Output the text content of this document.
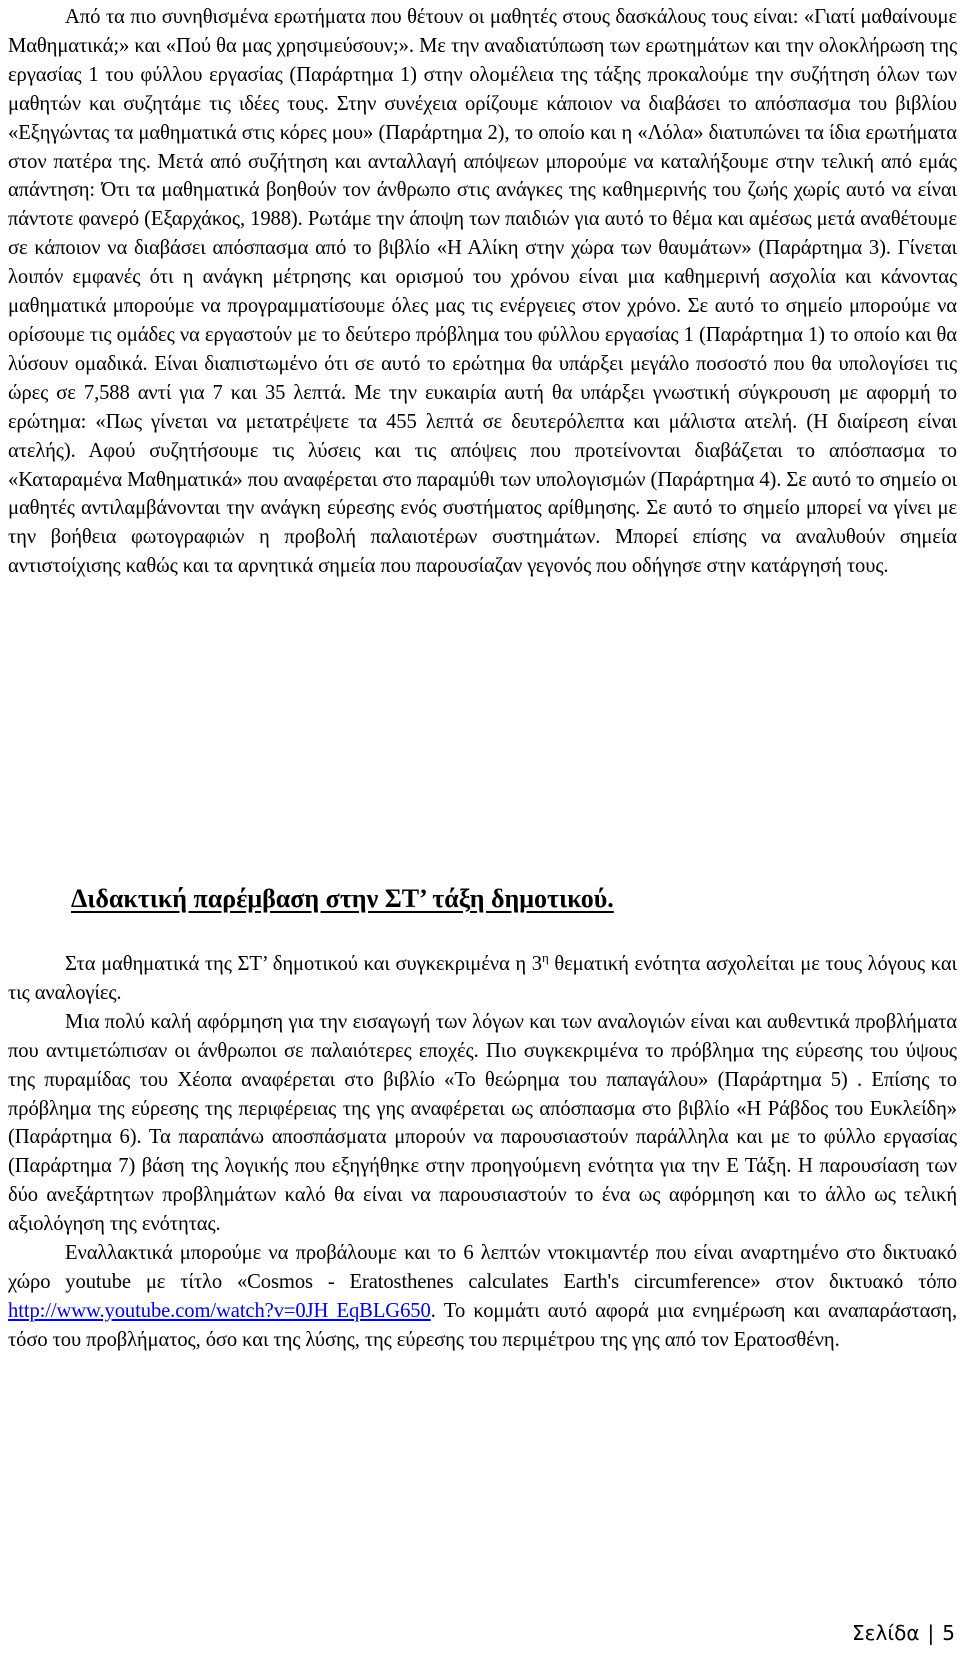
Από τα πιο συνηθισμένα ερωτήματα που θέτουν οι μαθητές στους δασκάλους τους είναι: «Γιατί μαθαίνουμε Μαθηματικά;» και «Πού θα μας χρησιμεύσουν;». Με την αναδιατύπωση των ερωτημάτων και την ολοκλήρωση της εργασίας 1 του φύλλου εργασίας (Παράρτημα 1) στην ολομέλεια της τάξης προκαλούμε την συζήτηση όλων των μαθητών και συζητάμε τις ιδέες τους. Στην συνέχεια ορίζουμε κάποιον να διαβάσει το απόσπασμα του βιβλίου «Εξηγώντας τα μαθηματικά στις κόρες μου» (Παράρτημα 2), το οποίο και η «Λόλα» διατυπώνει τα ίδια ερωτήματα στον πατέρα της. Μετά από συζήτηση και ανταλλαγή απόψεων μπορούμε να καταλήξουμε στην τελική από εμάς απάντηση: Ότι τα μαθηματικά βοηθούν τον άνθρωπο στις ανάγκες της καθημερινής του ζωής χωρίς αυτό να είναι πάντοτε φανερό (Εξαρχάκος, 1988). Ρωτάμε την άποψη των παιδιών για αυτό το θέμα και αμέσως μετά αναθέτουμε σε κάποιον να διαβάσει απόσπασμα από το βιβλίο «Η Αλίκη στην χώρα των θαυμάτων» (Παράρτημα 3). Γίνεται λοιπόν εμφανές ότι η ανάγκη μέτρησης και ορισμού του χρόνου είναι μια καθημερινή ασχολία και κάνοντας μαθηματικά μπορούμε να προγραμματίσουμε όλες μας τις ενέργειες στον χρόνο. Σε αυτό το σημείο μπορούμε να ορίσουμε τις ομάδες να εργαστούν με το δεύτερο πρόβλημα του φύλλου εργασίας 1 (Παράρτημα 1) το οποίο και θα λύσουν ομαδικά. Είναι διαπιστωμένο ότι σε αυτό το ερώτημα θα υπάρξει μεγάλο ποσοστό που θα υπολογίσει τις ώρες σε 7,588 αντί για 7 και 35 λεπτά. Με την ευκαιρία αυτή θα υπάρξει γνωστική σύγκρουση με αφορμή το ερώτημα: «Πως γίνεται να μετατρέψετε τα 455 λεπτά σε δευτερόλεπτα και μάλιστα ατελή. (Η διαίρεση είναι ατελής). Αφού συζητήσουμε τις λύσεις και τις απόψεις που προτείνονται διαβάζεται το απόσπασμα το «Καταραμένα Μαθηματικά» που αναφέρεται στο παραμύθι των υπολογισμών (Παράρτημα 4). Σε αυτό το σημείο οι μαθητές αντιλαμβάνονται την ανάγκη εύρεσης ενός συστήματος αρίθμησης. Σε αυτό το σημείο μπορεί να γίνει με την βοήθεια φωτογραφιών η προβολή παλαιοτέρων συστημάτων. Μπορεί επίσης να αναλυθούν σημεία αντιστοίχισης καθώς και τα αρνητικά σημεία που παρουσίαζαν γεγονός που οδήγησε στην κατάργησή τους.

Διδακτική παρέμβαση στην ΣΤ’ τάξη δημοτικού.

Στα μαθηματικά της ΣΤ’ δημοτικού και συγκεκριμένα η $3^\eta$ θεματική ενότητα ασχολείται με τους λόγους και τις αναλογίες.

Μια πολύ καλή αφόρμηση για την εισαγωγή των λόγων και των αναλογιών είναι και αυθεντικά προβλήματα που αντιμετώπισαν οι άνθρωποι σε παλαιότερες εποχές. Πιο συγκεκριμένα το πρόβλημα της εύρεσης του ύψους της πυραμίδας του Χέοπα αναφέρεται στο βιβλίο «Το θεώρημα του παπαγάλου» (Παράρτημα 5) . Επίσης το πρόβλημα της εύρεσης της περιφέρειας της γης αναφέρεται ως απόσπασμα στο βιβλίο «Η Ράβδος του Ευκλείδη» (Παράρτημα 6). Τα παραπάνω αποσπάσματα μπορούν να παρουσιαστούν παράλληλα και με το φύλλο εργασίας (Παράρτημα 7) βάση της λογικής που εξηγήθηκε στην προηγούμενη ενότητα για την Ε Τάξη. Η παρουσίαση των δύο ανεξάρτητων προβλημάτων καλό θα είναι να παρουσιαστούν το ένα ως αφόρμηση και το άλλο ως τελική αξιολόγηση της ενότητας.

Εναλλακτικά μπορούμε να προβάλουμε και το 6 λεπτών ντοκιμαντέρ που είναι αναρτημένο στο δικτυακό χώρο youtube με τίτλο «Cosmos - Eratosthenes calculates Earth's circumference» στον δικτυακό τόπο http://www.youtube.com/watch?v=0JH EqBLG650. Το κομμάτι αυτό αφορά μια ενημέρωση και αναπαράσταση, τόσο του προβλήματος, όσο και της λύσης, της εύρεσης του περιμέτρου της γης από τον Ερατοσθένη.

Σελίδα | 5
